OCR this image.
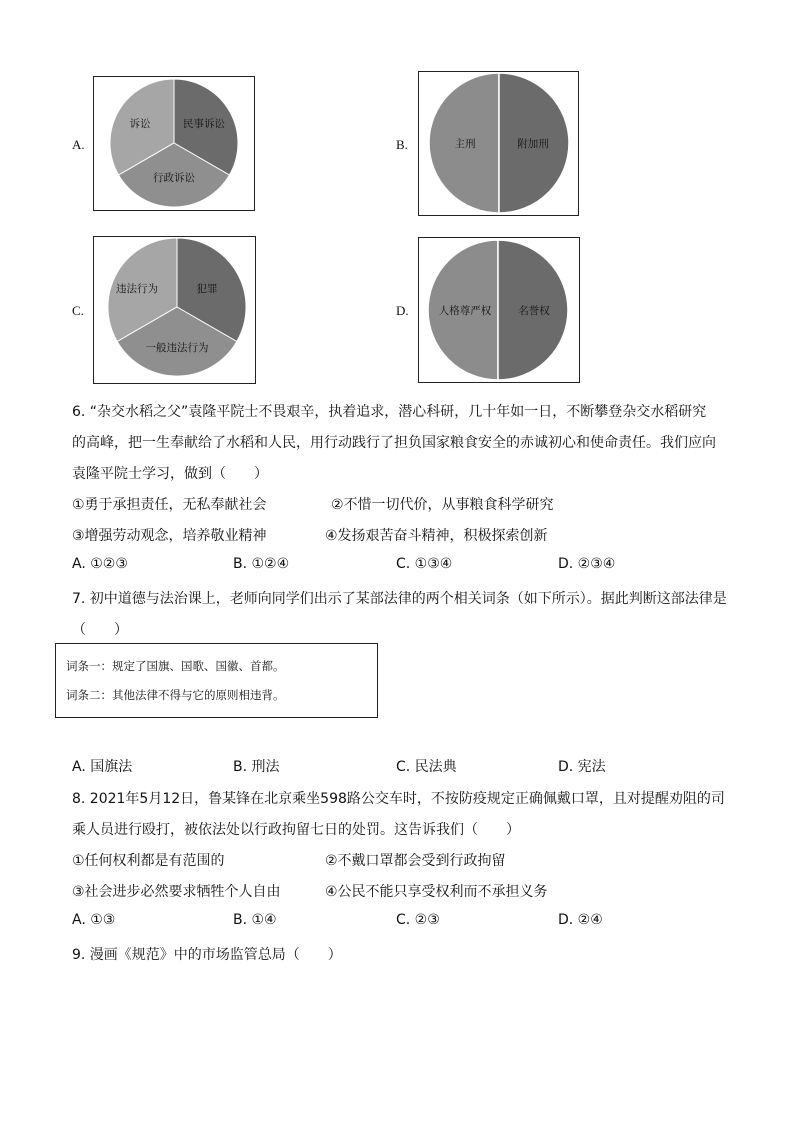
A.
诉讼	民事诉讼
行政诉讼
B.	主刑	附加刑
C.
违法行为	犯罪
一般违法行为
D.	人格尊严权	名誉权
6. “杂交水稻之父”袁隆平院士不畏艰辛，执着追求，潜心科研，几十年如一日，不断攀登杂交水稻研究
的高峰，把一生奉献给了水稻和人民，用行动践行了担负国家粮食安全的赤诚初心和使命责任。我们应向
袁隆平院士学习，做到（　　）
①勇于承担责任，无私奉献社会	②不惜一切代价，从事粮食科学研究
③增强劳动观念，培养敬业精神	④发扬艰苦奋斗精神，积极探索创新
A. ①②③	B. ①②④	C. ①③④	D. ②③④
7. 初中道德与法治课上，老师向同学们出示了某部法律的两个相关词条（如下所示）。据此判断这部法律是
（　　）
词条一：规定了国旗、国歌、国徽、首都。
词条二：其他法律不得与它的原则相违背。
A. 国旗法	B. 刑法	C. 民法典	D. 宪法
8. 2021年5月12日，鲁某锋在北京乘坐598路公交车时，不按防疫规定正确佩戴口罩，且对提醒劝阻的司
乘人员进行殴打，被依法处以行政拘留七日的处罚。这告诉我们（　　）
①任何权利都是有范围的	②不戴口罩都会受到行政拘留
③社会进步必然要求牺牲个人自由	④公民不能只享受权利而不承担义务
A. ①③	B. ①④	C. ②③	D. ②④
9. 漫画《规范》中的市场监管总局（　　）
